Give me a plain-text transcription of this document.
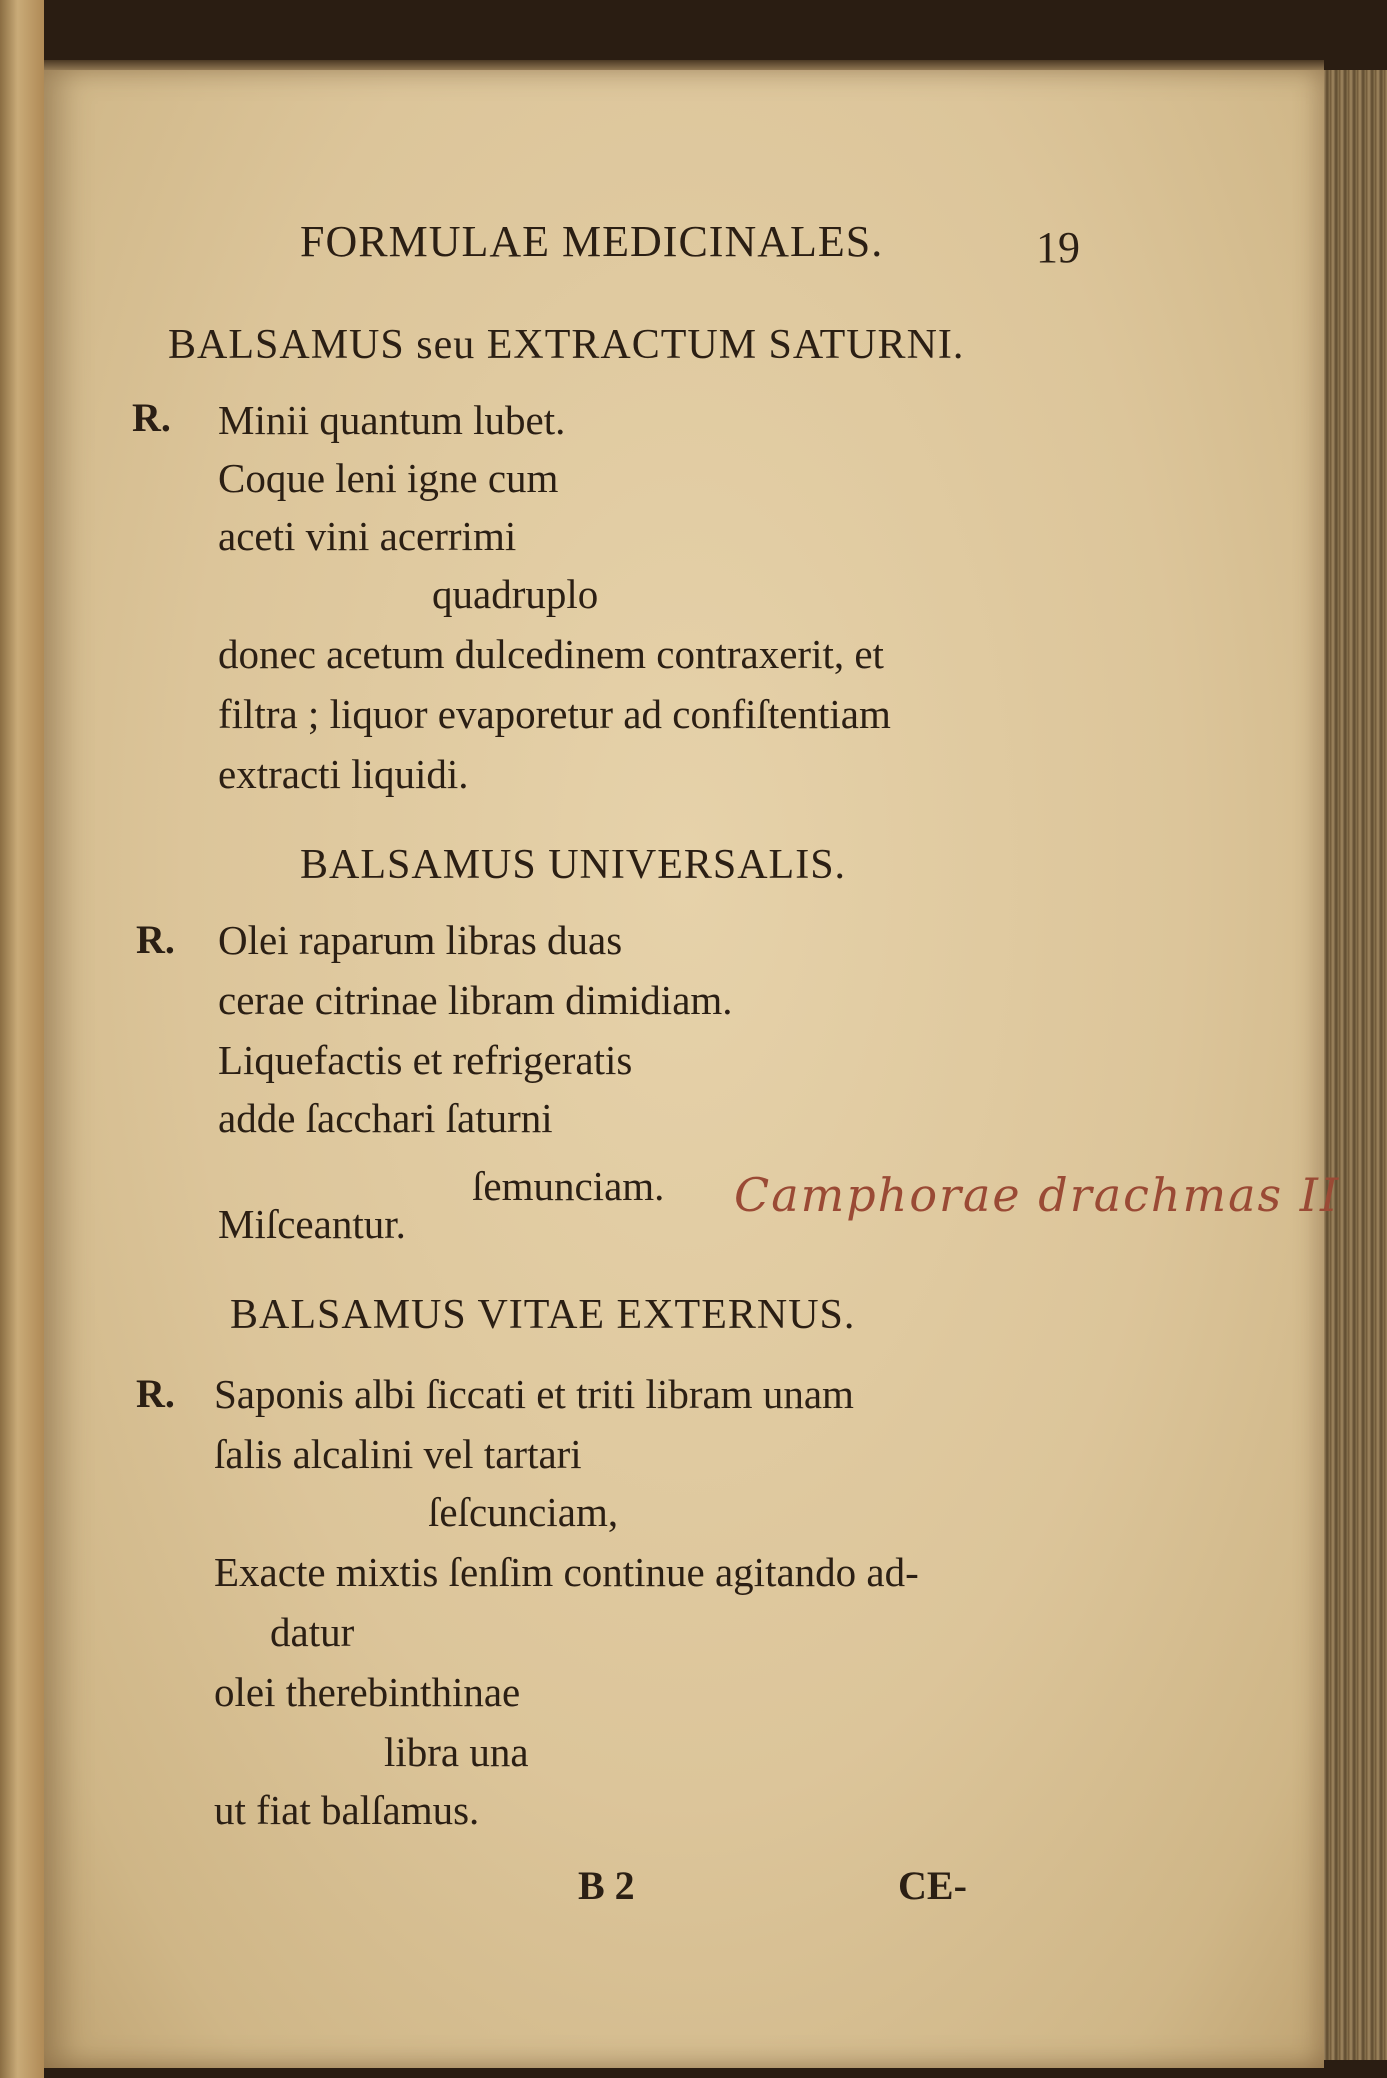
FORMULAE MEDICINALES.	19
BALSAMUS seu EXTRACTUM SATURNI.
R. Minii quantum lubet.
Coque leni igne cum
aceti vini acerrimi
quadruplo
donec acetum dulcedinem contraxerit, et
filtra ; liquor evaporetur ad confiſtentiam
extracti liquidi.
BALSAMUS UNIVERSALIS.
R. Olei raparum libras duas
cerae citrinae libram dimidiam.
Liquefactis et refrigeratis
adde ſacchari ſaturni
ſemunciam.
Miſceantur.
Camphorae drachmas II
BALSAMUS VITAE EXTERNUS.
R. Saponis albi ſiccati et triti libram unam
ſalis alcalini vel tartari
ſeſcunciam,
Exacte mixtis ſenſim continue agitando ad-
datur
olei therebinthinae
libra una
ut fiat balſamus.
B 2	CE-
